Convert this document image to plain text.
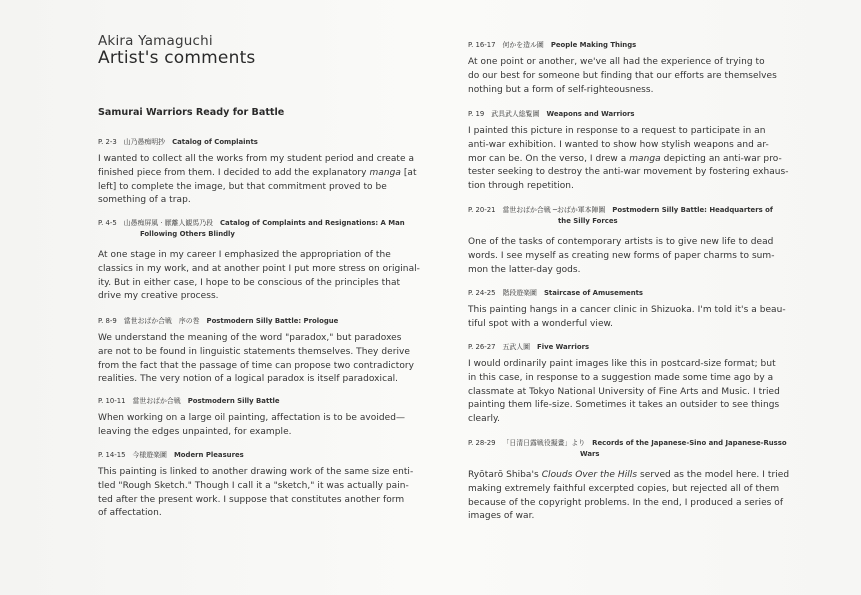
Akira Yamaguchi
Artist's comments
Samurai Warriors Ready for Battle

P. 2-3 山乃愚痴明抄 Catalog of Complaints

I wanted to collect all the works from my student period and create a
finished piece from them. I decided to add the explanatory manga [at
left] to complete the image, but that commitment proved to be
something of a trap.

P. 4-5 山愚痴屏風 · 厭離人観馬乃段 Catalog of Complaints and Resignations: A Man
Following Others Blindly

At one stage in my career I emphasized the appropriation of the
classics in my work, and at another point I put more stress on original-
ity. But in either case, I hope to be conscious of the principles that
drive my creative process.

P. 8-9 當世おばか合戦　序の巻 Postmodern Silly Battle: Prologue

We understand the meaning of the word "paradox," but paradoxes
are not to be found in linguistic statements themselves. They derive
from the fact that the passage of time can propose two contradictory
realities. The very notion of a logical paradox is itself paradoxical.

P. 10-11 當世おばか合戦 Postmodern Silly Battle

When working on a large oil painting, affectation is to be avoided—
leaving the edges unpainted, for example.

P. 14-15 今様遊楽圖 Modern Pleasures

This painting is linked to another drawing work of the same size enti-
tled "Rough Sketch." Though I call it a "sketch," it was actually pain-
ted after the present work. I suppose that constitutes another form
of affectation.

P. 16-17 何かを造ル圖 People Making Things

At one point or another, we've all had the experience of trying to
do our best for someone but finding that our efforts are themselves
nothing but a form of self-righteousness.

P. 19 武具武人総覧圖 Weapons and Warriors

I painted this picture in response to a request to participate in an
anti-war exhibition. I wanted to show how stylish weapons and ar-
mor can be. On the verso, I drew a manga depicting an anti-war pro-
tester seeking to destroy the anti-war movement by fostering exhaus-
tion through repetition.

P. 20-21 當世おばか合戦 ─おばか軍本陣圖 Postmodern Silly Battle: Headquarters of
the Silly Forces

One of the tasks of contemporary artists is to give new life to dead
words. I see myself as creating new forms of paper charms to sum-
mon the latter-day gods.

P. 24-25 階段遊楽圖 Staircase of Amusements

This painting hangs in a cancer clinic in Shizuoka. I'm told it's a beau-
tiful spot with a wonderful view.

P. 26-27 五武人圖 Five Warriors

I would ordinarily paint images like this in postcard-size format; but
in this case, in response to a suggestion made some time ago by a
classmate at Tokyo National University of Fine Arts and Music. I tried
painting them life-size. Sometimes it takes an outsider to see things
clearly.

P. 28-29 「日清日露戦役擬畫」より Records of the Japanese-Sino and Japanese-Russo
Wars

Ryōtarō Shiba's Clouds Over the Hills served as the model here. I tried
making extremely faithful excerpted copies, but rejected all of them
because of the copyright problems. In the end, I produced a series of
images of war.
